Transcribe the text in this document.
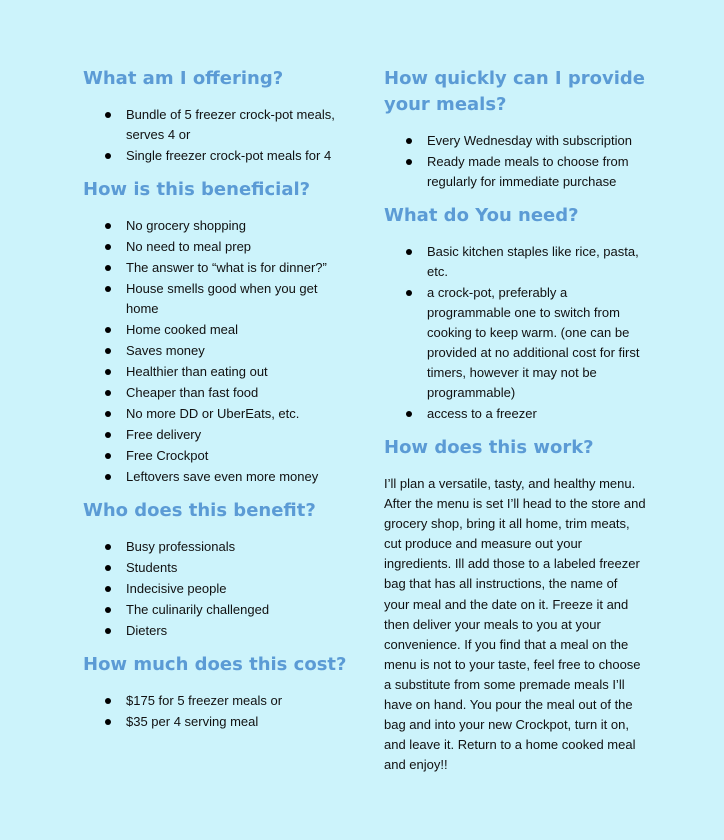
What am I offering?
Bundle of 5 freezer crock-pot meals, serves 4 or
Single freezer crock-pot meals for 4
How is this beneficial?
No grocery shopping
No need to meal prep
The answer to “what is for dinner?”
House smells good when you get home
Home cooked meal
Saves money
Healthier than eating out
Cheaper than fast food
No more DD or UberEats, etc.
Free delivery
Free Crockpot
Leftovers save even more money
Who does this benefit?
Busy professionals
Students
Indecisive people
The culinarily challenged
Dieters
How much does this cost?
$175 for 5 freezer meals or
$35 per 4 serving meal
How quickly can I provide your meals?
Every Wednesday with subscription
Ready made meals to choose from regularly for immediate purchase
What do You need?
Basic kitchen staples like rice, pasta, etc.
a crock-pot, preferably a programmable one to switch from cooking to keep warm. (one can be provided at no additional cost for first timers, however it may not be programmable)
access to a freezer
How does this work?

I’ll plan a versatile, tasty, and healthy menu. After the menu is set I’ll head to the store and grocery shop, bring it all home, trim meats, cut produce and measure out your ingredients. Ill add those to a labeled freezer bag that has all instructions, the name of your meal and the date on it. Freeze it and then deliver your meals to you at your convenience. If you find that a meal on the menu is not to your taste, feel free to choose a substitute from some premade meals I’ll have on hand. You pour the meal out of the bag and into your new Crockpot, turn it on, and leave it. Return to a home cooked meal and enjoy!!
